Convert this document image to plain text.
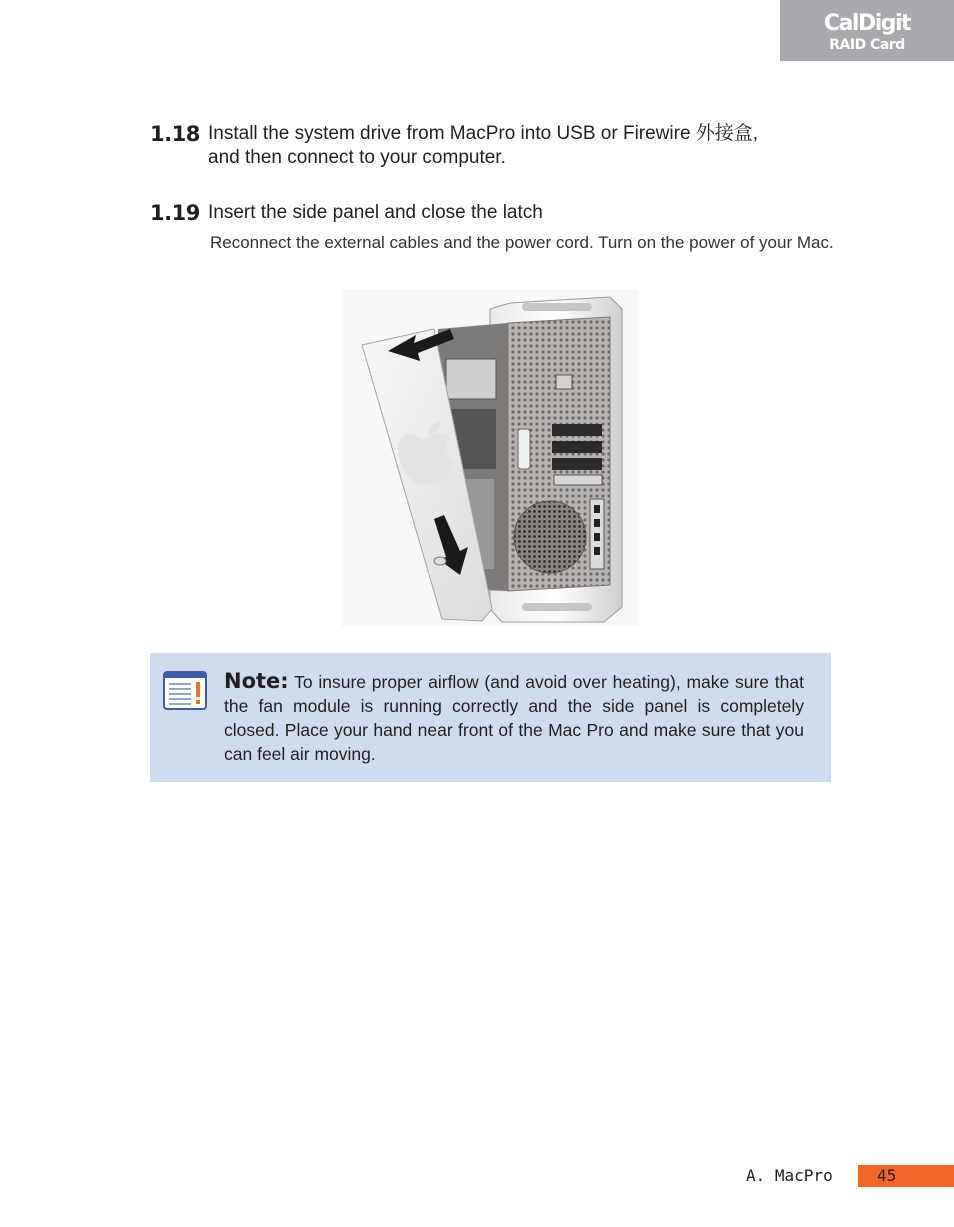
CalDigit
RAID Card
1.18 Install the system drive from MacPro into USB or Firewire 外接盒,
and then connect to your computer.
1.19 Insert the side panel and close the latch
Reconnect the external cables and the power cord. Turn on the power of your Mac.
Note: To insure proper airflow (and avoid over heating), make sure that the fan module is running correctly and the side panel is completely closed. Place your hand near front of the Mac Pro and make sure that you can feel air moving.
A. MacPro	45
